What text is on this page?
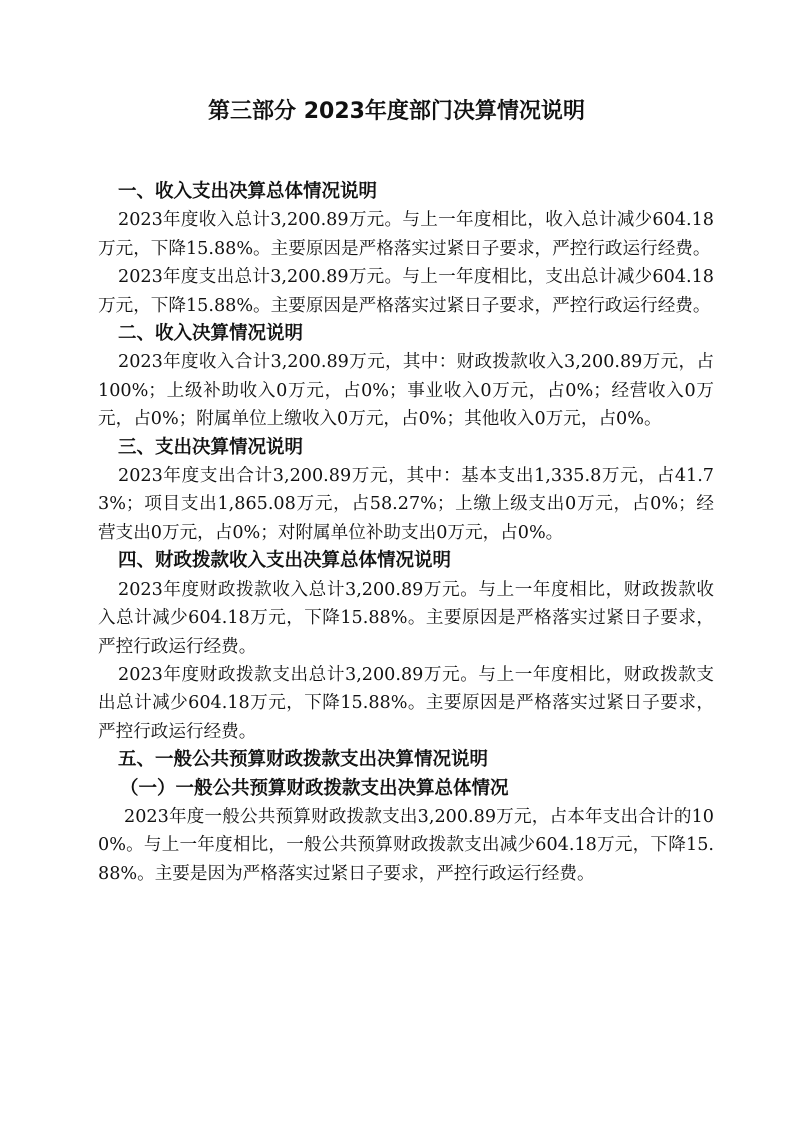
第三部分 2023年度部门决算情况说明
一、收入支出决算总体情况说明

2023年度收入总计3,200.89万元。与上一年度相比，收入总计减少604.18万元，下降15.88%。主要原因是严格落实过紧日子要求，严控行政运行经费。

2023年度支出总计3,200.89万元。与上一年度相比，支出总计减少604.18万元，下降15.88%。主要原因是严格落实过紧日子要求，严控行政运行经费。

二、收入决算情况说明

2023年度收入合计3,200.89万元，其中：财政拨款收入3,200.89万元，占100%；上级补助收入0万元，占0%；事业收入0万元，占0%；经营收入0万元，占0%；附属单位上缴收入0万元，占0%；其他收入0万元，占0%。

三、支出决算情况说明

2023年度支出合计3,200.89万元，其中：基本支出1,335.8万元，占41.73%；项目支出1,865.08万元，占58.27%；上缴上级支出0万元，占0%；经营支出0万元，占0%；对附属单位补助支出0万元，占0%。

四、财政拨款收入支出决算总体情况说明

2023年度财政拨款收入总计3,200.89万元。与上一年度相比，财政拨款收入总计减少604.18万元，下降15.88%。主要原因是严格落实过紧日子要求，严控行政运行经费。

2023年度财政拨款支出总计3,200.89万元。与上一年度相比，财政拨款支出总计减少604.18万元，下降15.88%。主要原因是严格落实过紧日子要求，严控行政运行经费。

五、一般公共预算财政拨款支出决算情况说明
（一）一般公共预算财政拨款支出决算总体情况

2023年度一般公共预算财政拨款支出3,200.89万元，占本年支出合计的100%。与上一年度相比，一般公共预算财政拨款支出减少604.18万元，下降15.88%。主要是因为严格落实过紧日子要求，严控行政运行经费。
